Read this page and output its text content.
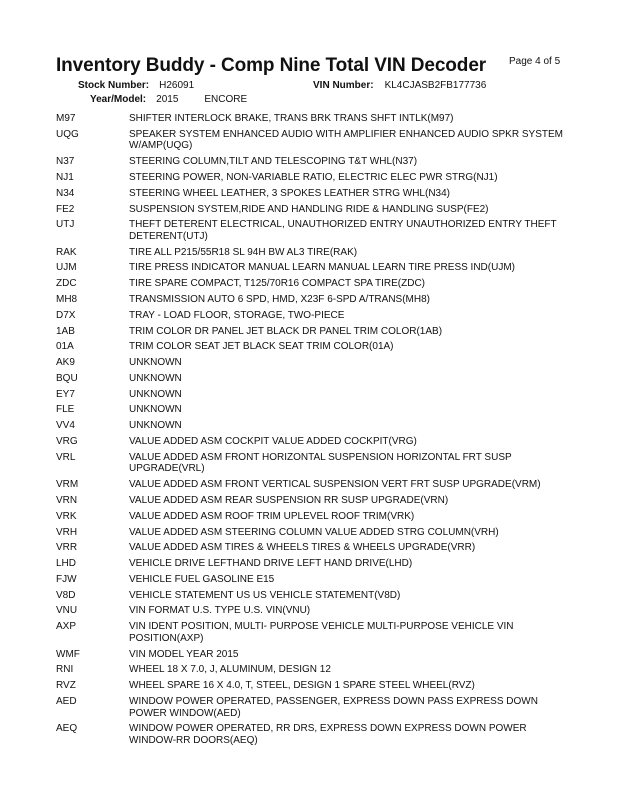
Inventory Buddy - Comp Nine Total VIN Decoder Page 4 of 5
Stock Number: H26091	VIN Number: KL4CJASB2FB177736
Year/Model: 2015	ENCORE
M97	SHIFTER INTERLOCK BRAKE, TRANS BRK TRANS SHFT INTLK(M97)
UQG	SPEAKER SYSTEM ENHANCED AUDIO WITH AMPLIFIER ENHANCED AUDIO SPKR SYSTEM W/AMP(UQG)
N37	STEERING COLUMN,TILT AND TELESCOPING T&T WHL(N37)
NJ1	STEERING POWER, NON-VARIABLE RATIO, ELECTRIC ELEC PWR STRG(NJ1)
N34	STEERING WHEEL LEATHER, 3 SPOKES LEATHER STRG WHL(N34)
FE2	SUSPENSION SYSTEM,RIDE AND HANDLING RIDE & HANDLING SUSP(FE2)
UTJ	THEFT DETERENT ELECTRICAL, UNAUTHORIZED ENTRY UNAUTHORIZED ENTRY THEFT DETERENT(UTJ)
RAK	TIRE ALL P215/55R18 SL 94H BW AL3 TIRE(RAK)
UJM	TIRE PRESS INDICATOR MANUAL LEARN MANUAL LEARN TIRE PRESS IND(UJM)
ZDC	TIRE SPARE COMPACT, T125/70R16 COMPACT SPA TIRE(ZDC)
MH8	TRANSMISSION AUTO 6 SPD, HMD, X23F 6-SPD A/TRANS(MH8)
D7X	TRAY - LOAD FLOOR, STORAGE, TWO-PIECE
1AB	TRIM COLOR DR PANEL JET BLACK DR PANEL TRIM COLOR(1AB)
01A	TRIM COLOR SEAT JET BLACK SEAT TRIM COLOR(01A)
AK9	UNKNOWN
BQU	UNKNOWN
EY7	UNKNOWN
FLE	UNKNOWN
VV4	UNKNOWN
VRG	VALUE ADDED ASM COCKPIT VALUE ADDED COCKPIT(VRG)
VRL	VALUE ADDED ASM FRONT HORIZONTAL SUSPENSION HORIZONTAL FRT SUSP UPGRADE(VRL)
VRM	VALUE ADDED ASM FRONT VERTICAL SUSPENSION VERT FRT SUSP UPGRADE(VRM)
VRN	VALUE ADDED ASM REAR SUSPENSION RR SUSP UPGRADE(VRN)
VRK	VALUE ADDED ASM ROOF TRIM UPLEVEL ROOF TRIM(VRK)
VRH	VALUE ADDED ASM STEERING COLUMN VALUE ADDED STRG COLUMN(VRH)
VRR	VALUE ADDED ASM TIRES & WHEELS TIRES & WHEELS UPGRADE(VRR)
LHD	VEHICLE DRIVE LEFTHAND DRIVE LEFT HAND DRIVE(LHD)
FJW	VEHICLE FUEL GASOLINE E15
V8D	VEHICLE STATEMENT US US VEHICLE STATEMENT(V8D)
VNU	VIN FORMAT U.S. TYPE U.S. VIN(VNU)
AXP	VIN IDENT POSITION, MULTI- PURPOSE VEHICLE MULTI-PURPOSE VEHICLE VIN POSITION(AXP)
WMF	VIN MODEL YEAR 2015
RNI	WHEEL 18 X 7.0, J, ALUMINUM, DESIGN 12
RVZ	WHEEL SPARE 16 X 4.0, T, STEEL, DESIGN 1 SPARE STEEL WHEEL(RVZ)
AED	WINDOW POWER OPERATED, PASSENGER, EXPRESS DOWN PASS EXPRESS DOWN POWER WINDOW(AED)
AEQ	WINDOW POWER OPERATED, RR DRS, EXPRESS DOWN EXPRESS DOWN POWER WINDOW-RR DOORS(AEQ)
